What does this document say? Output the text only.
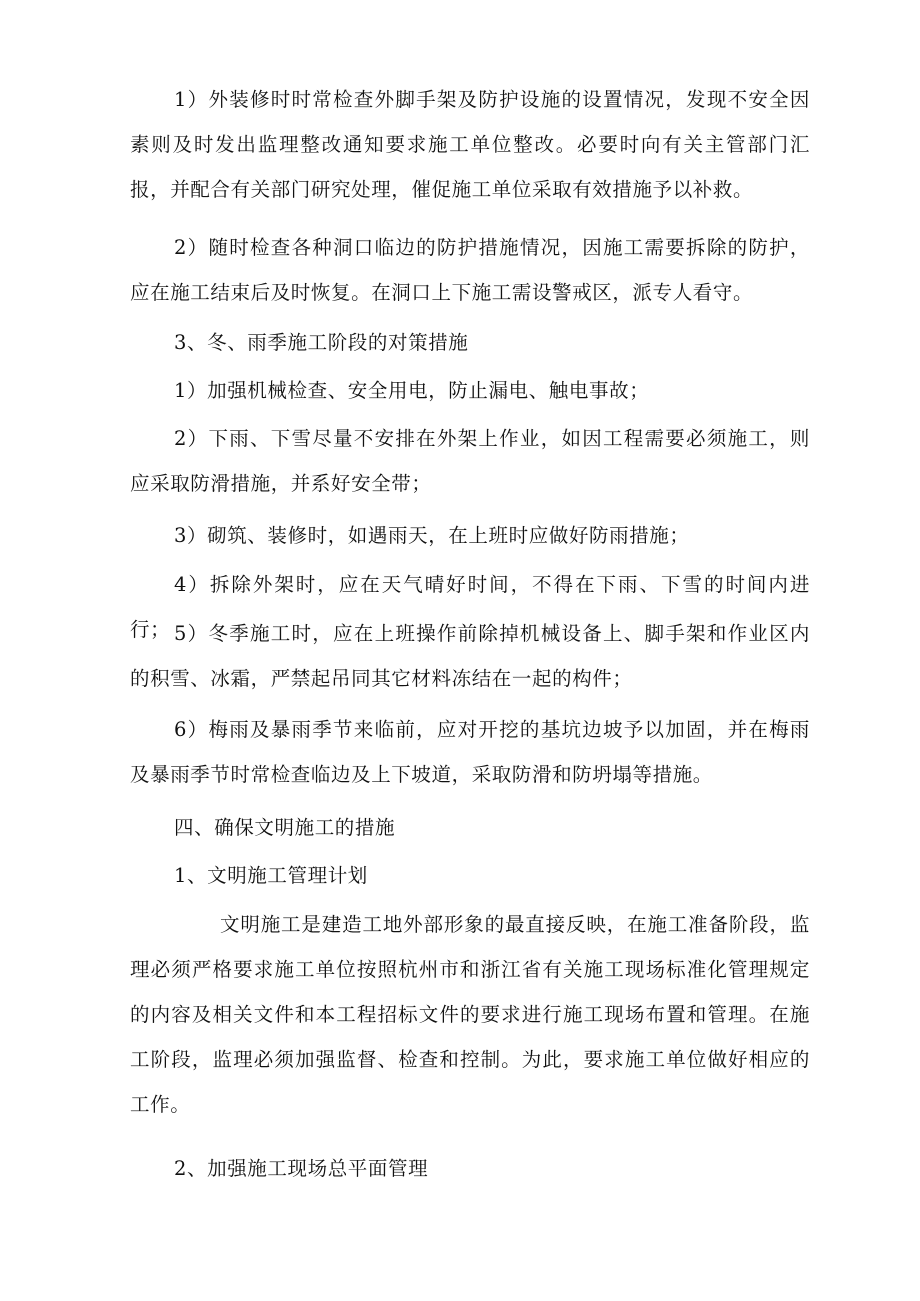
1）外装修时时常检查外脚手架及防护设施的设置情况，发现不安全因素则及时发出监理整改通知要求施工单位整改。必要时向有关主管部门汇报，并配合有关部门研究处理，催促施工单位采取有效措施予以补救。

2）随时检查各种洞口临边的防护措施情况，因施工需要拆除的防护，应在施工结束后及时恢复。在洞口上下施工需设警戒区，派专人看守。

3、冬、雨季施工阶段的对策措施

1）加强机械检查、安全用电，防止漏电、触电事故；

2）下雨、下雪尽量不安排在外架上作业，如因工程需要必须施工，则应采取防滑措施，并系好安全带；

3）砌筑、装修时，如遇雨天，在上班时应做好防雨措施；

4）拆除外架时，应在天气晴好时间，不得在下雨、下雪的时间内进行； 5）冬季施工时，应在上班操作前除掉机械设备上、脚手架和作业区内的积雪、冰霜，严禁起吊同其它材料冻结在一起的构件；

6）梅雨及暴雨季节来临前，应对开挖的基坑边坡予以加固，并在梅雨及暴雨季节时常检查临边及上下坡道，采取防滑和防坍塌等措施。

四、确保文明施工的措施

1、文明施工管理计划

文明施工是建造工地外部形象的最直接反映，在施工准备阶段，监理必须严格要求施工单位按照杭州市和浙江省有关施工现场标准化管理规定的内容及相关文件和本工程招标文件的要求进行施工现场布置和管理。在施工阶段，监理必须加强监督、检查和控制。为此，要求施工单位做好相应的工作。

2、加强施工现场总平面管理
